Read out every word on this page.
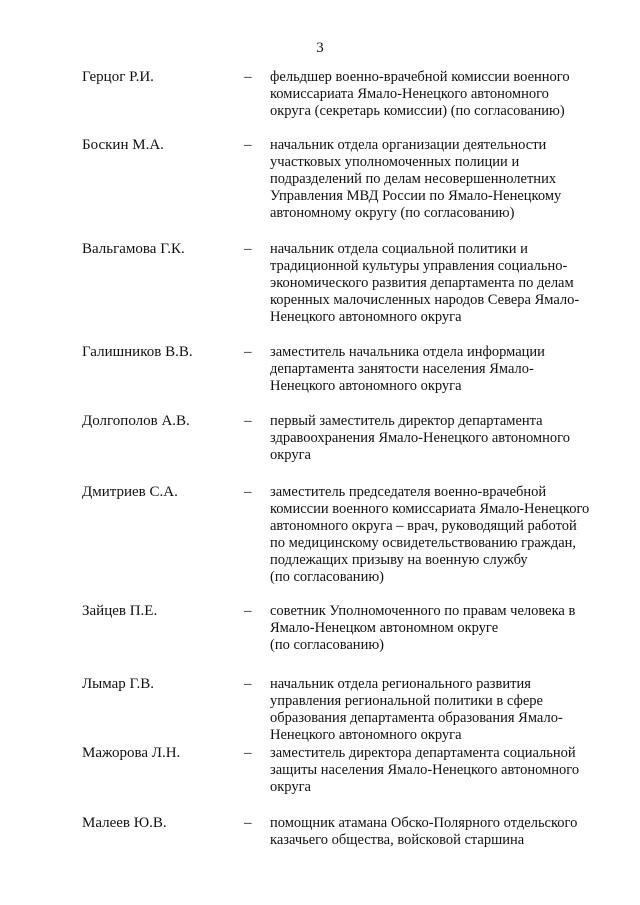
3
Герцог Р.И.	– фельдшер военно-врачебной комиссии военного
комиссариата Ямало-Ненецкого автономного
округа (секретарь комиссии) (по согласованию)
Боскин М.А.	– начальник отдела организации деятельности
участковых уполномоченных полиции и
подразделений по делам несовершеннолетних
Управления МВД России по Ямало-Ненецкому
автономному округу (по согласованию)
Вальгамова Г.К.	– начальник отдела социальной политики и
традиционной культуры управления социально-
экономического развития департамента по делам
коренных малочисленных народов Севера Ямало-
Ненецкого автономного округа
Галишников В.В.	– заместитель начальника отдела информации
департамента занятости населения Ямало-
Ненецкого автономного округа
Долгополов А.В.	– первый заместитель директор департамента
здравоохранения Ямало-Ненецкого автономного
округа
Дмитриев С.А.	– заместитель председателя военно-врачебной
комиссии военного комиссариата Ямало-Ненецкого
автономного округа – врач, руководящий работой
по медицинскому освидетельствованию граждан,
подлежащих призыву на военную службу
(по согласованию)
Зайцев П.Е.	– советник Уполномоченного по правам человека в
Ямало-Ненецком автономном округе
(по согласованию)
Лымар Г.В.	– начальник отдела регионального развития
управления региональной политики в сфере
образования департамента образования Ямало-
Ненецкого автономного округа
Мажорова Л.Н.	– заместитель директора департамента социальной
защиты населения Ямало-Ненецкого автономного
округа
Малеев Ю.В.	– помощник атамана Обско-Полярного отдельского
казачьего общества, войсковой старшина
